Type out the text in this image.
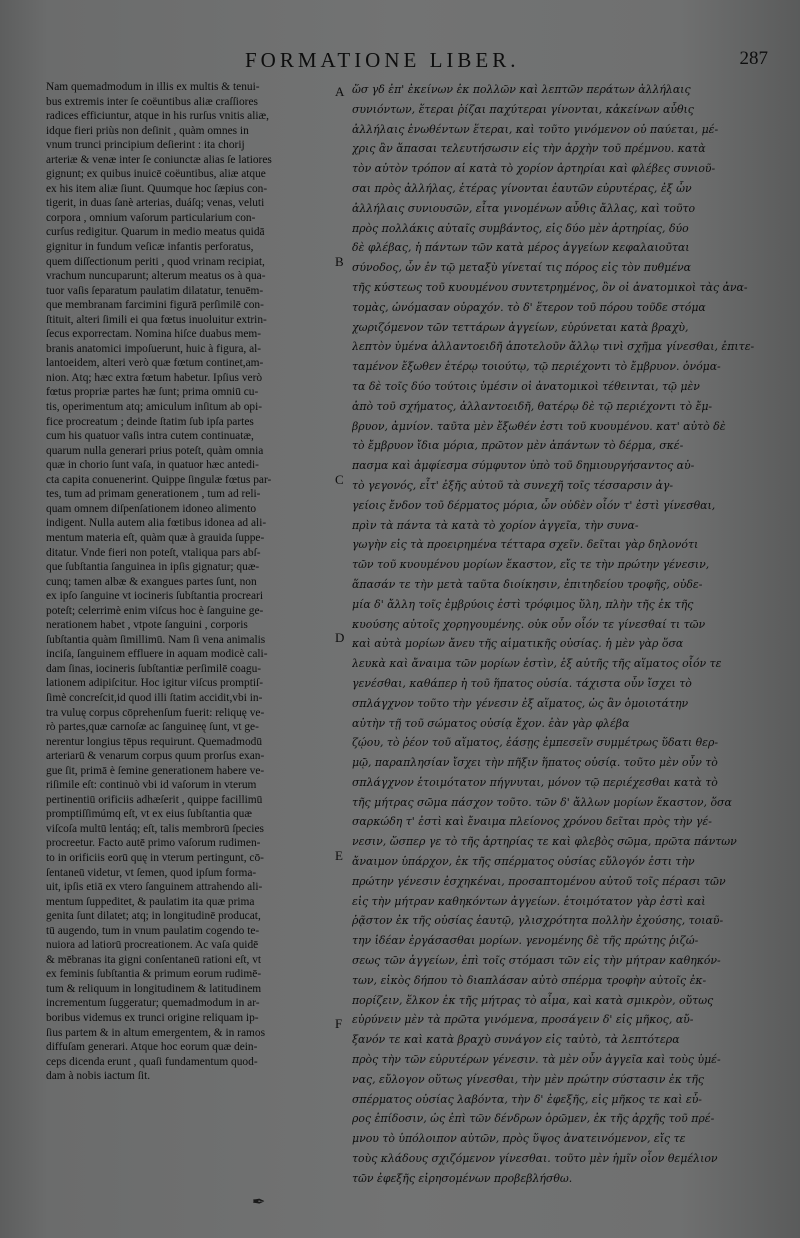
FORMATIONE LIBER.	287
Nam quemadmodum in illis ex multis & tenui-
bus extremis inter ſe coëuntibus aliæ craſſiores
radices efficiuntur, atque in his rurſus vnitis aliæ,
idque fieri priùs non deſinit , quàm omnes in
vnum trunci principium deſierint : ita chorij
arteriæ & venæ inter ſe coniunctæ alias ſe latiores
gignunt; ex quibus inuicē coëuntibus, aliæ atque
ex his item aliæ ſiunt. Quumque hoc ſæpius con-
tigerit, in duas ſanè arterias, duáſq; venas, veluti
corpora , omnium vaſorum particularium con-
curſus redigitur. Quarum in medio meatus quidā
gignitur in fundum veſicæ infantis perforatus,
quem diſſectionum periti , quod vrinam recipiat,
vrachum nuncuparunt; alterum meatus os à qua-
tuor vaſis ſeparatum paulatim dilatatur, tenuēm-
que membranam farcimini figurā perſimilē con-
ſtituit, alteri ſimili ei qua fœtus inuoluitur extrin-
ſecus exporrectam. Nomina hiſce duabus mem-
branis anatomici impoſuerunt, huic à figura, al-
lantoeidem, alteri verò quæ fœtum continet,am-
nion. Atq; hæc extra fœtum habetur. Ipſius verò
fœtus propriæ partes hæ ſunt; prima omniū cu-
tis, operimentum atq; amiculum inſitum ab opi-
fice procreatum ; deinde ſtatim ſub ipſa partes
cum his quatuor vaſis intra cutem continuatæ,
quarum nulla generari prius poteſt, quàm omnia
quæ in chorio ſunt vaſa, in quatuor hæc antedi-
cta capita conuenerint. Quippe ſingulæ fœtus par-
tes, tum ad primam generationem , tum ad reli-
quam omnem diſpenſationem idoneo alimento
indigent. Nulla autem alia fœtibus idonea ad ali-
mentum materia eſt, quàm quæ à grauida ſuppe-
ditatur. Vnde fieri non poteſt, vtaliqua pars abſ-
que ſubſtantia ſanguinea in ipſis gignatur; quæ-
cunq; tamen albæ & exangues partes ſunt, non
ex ipſo ſanguine vt iocineris ſubſtantia procreari
poteſt; celerrimè enim viſcus hoc è ſanguine ge-
nerationem habet , vtpote ſanguini , corporis
ſubſtantia quàm ſimillimū. Nam ſi vena animalis
inciſa, ſanguinem effluere in aquam modicè cali-
dam ſinas, iocineris ſubſtantiæ perſimilē coagu-
lationem adipiſcitur. Hoc igitur viſcus promptiſ-
ſimè concreſcit,id quod illi ſtatim accidit,vbi in-
tra vuluę corpus cōprehenſum fuerit: reliquę ve-
rò partes,quæ carnoſæ ac ſanguineę ſunt, vt ge-
nerentur longius tēpus requirunt. Quemadmodū
arteriarū & venarum corpus quum prorſus exan-
gue ſit, primā è ſemine generationem habere ve-
riſimile eſt: continuò vbi id vaſorum in vterum
pertinentiū orificiis adhæſerit , quippe facillimū
promptiſſimúmq eſt, vt ex eius ſubſtantia quæ
viſcoſa multū lentáq; eſt, talis membrorū ſpecies
procreetur. Facto autē primo vaſorum rudimen-
to in orificiis eorū quę in vterum pertingunt, cō-
ſentaneū videtur, vt ſemen, quod ipſum forma-
uit, ipſis etiā ex vtero ſanguinem attrahendo ali-
mentum ſuppeditet, & paulatim ita quæ prima
genita ſunt dilatet; atq; in longitudinē producat,
tū augendo, tum in vnum paulatim cogendo te-
nuiora ad latiorū procreationem. Ac vaſa quidē
& mēbranas ita gigni conſentaneū rationi eſt, vt
ex feminis ſubſtantia & primum eorum rudimē-
tum & reliquum in longitudinem & latitudinem
incrementum ſuggeratur; quemadmodum in ar-
boribus videmus ex trunci origine reliquam ip-
ſius partem & in altum emergentem, & in ramos
diffuſam generari. Atque hoc eorum quæ dein-
ceps dicenda erunt , quaſi fundamentum quod-
dam à nobis iactum ſit.
A
B
C
D
E
F
ὥσ γδ ἐπ' ἐκείνων ἐκ πολλῶν καὶ λεπτῶν περάτων ἀλλήλαις
συνιόντων, ἕτεραι ῥίζαι παχύτεραι γίνονται, κἀκείνων αὖθις
ἀλλήλαις ἑνωθέντων ἕτεραι, καὶ τοῦτο γινόμενον οὐ παύεται, μέ-
χρις ἂν ἅπασαι τελευτήσωσιν εἰς τὴν ἀρχὴν τοῦ πρέμνου. κατὰ
τὸν αὐτὸν τρόπον αἱ κατὰ τὸ χορίον ἀρτηρίαι καὶ φλέβες συνιοῦ-
σαι πρὸς ἀλλήλας, ἑτέρας γίνονται ἑαυτῶν εὐρυτέρας, ἐξ ὧν
ἀλλήλαις συνιουσῶν, εἶτα γινομένων αὖθις ἄλλας, καὶ τοῦτο
πρὸς πολλάκις αὐταῖς συμβάντος, εἰς δύο μὲν ἀρτηρίας, δύο
δὲ φλέβας, ἡ πάντων τῶν κατὰ μέρος ἀγγείων κεφαλαιοῦται
σύνοδος, ὧν ἐν τῷ μεταξὺ γίνεταί τις πόρος εἰς τὸν πυθμένα
τῆς κύστεως τοῦ κυουμένου συντετρημένος, ὃν οἱ ἀνατομικοὶ τὰς ἀνα-
τομὰς, ὠνόμασαν οὐραχόν. τὸ δ' ἕτερον τοῦ πόρου τοῦδε στόμα
χωριζόμενον τῶν τεττάρων ἀγγείων, εὐρύνεται κατὰ βραχὺ,
λεπτὸν ὑμένα ἀλλαντοειδῆ ἀποτελοῦν ἄλλῳ τινὶ σχῆμα γίνεσθαι, ἐπιτε-
ταμένον ἔξωθεν ἑτέρῳ τοιούτῳ, τῷ περιέχοντι τὸ ἔμβρυον. ὀνόμα-
τα δὲ τοῖς δύο τούτοις ὑμέσιν οἱ ἀνατομικοὶ τέθεινται, τῷ μὲν
ἀπὸ τοῦ σχήματος, ἀλλαντοειδῆ, θατέρῳ δὲ τῷ περιέχοντι τὸ ἔμ-
βρυον, ἀμνίον. ταῦτα μὲν ἔξωθέν ἐστι τοῦ κυουμένου. κατ' αὐτὸ δὲ
τὸ ἔμβρυον ἴδια μόρια, πρῶτον μὲν ἁπάντων τὸ δέρμα, σκέ-
πασμα καὶ ἀμφίεσμα σύμφυτον ὑπὸ τοῦ δημιουργήσαντος αὐ-
τὸ γεγονός, εἶτ' ἐξῆς αὐτοῦ τὰ συνεχῆ τοῖς τέσσαρσιν ἀγ-
γείοις ἔνδον τοῦ δέρματος μόρια, ὧν οὐδὲν οἷόν τ' ἐστὶ γίνεσθαι,
πρὶν τὰ πάντα τὰ κατὰ τὸ χορίον ἀγγεῖα, τὴν συνα-
γωγὴν εἰς τὰ προειρημένα τέτταρα σχεῖν. δεῖται γὰρ δηλονότι
τῶν τοῦ κυουμένου μορίων ἕκαστον, εἴς τε τὴν πρώτην γένεσιν,
ἅπασάν τε τὴν μετὰ ταῦτα διοίκησιν, ἐπιτηδείου τροφῆς, οὐδε-
μία δ' ἄλλη τοῖς ἐμβρύοις ἐστὶ τρόφιμος ὕλη, πλὴν τῆς ἐκ τῆς
κυούσης αὐτοῖς χορηγουμένης. οὐκ οὖν οἷόν τε γίνεσθαί τι τῶν
καὶ αὐτὰ μορίων ἄνευ τῆς αἱματικῆς οὐσίας. ἡ μὲν γὰρ ὅσα
λευκὰ καὶ ἄναιμα τῶν μορίων ἐστὶν, ἐξ αὐτῆς τῆς αἵματος οἷόν τε
γενέσθαι, καθάπερ ἡ τοῦ ἥπατος οὐσία. τάχιστα οὖν ἴσχει τὸ
σπλάγχνον τοῦτο τὴν γένεσιν ἐξ αἵματος, ὡς ἂν ὁμοιοτάτην
αὐτὴν τῇ τοῦ σώματος οὐσίᾳ ἔχον. ἐὰν γὰρ φλέβα
ζῴου, τὸ ῥέον τοῦ αἵματος, ἐάσῃς ἐμπεσεῖν συμμέτρως ὕδατι θερ-
μῷ, παραπλησίαν ἴσχει τὴν πῆξιν ἥπατος οὐσίᾳ. τοῦτο μὲν οὖν τὸ
σπλάγχνον ἑτοιμότατον πήγνυται, μόνον τῷ περιέχεσθαι κατὰ τὸ
τῆς μήτρας σῶμα πάσχον τοῦτο. τῶν δ' ἄλλων μορίων ἕκαστον, ὅσα
σαρκώδη τ' ἐστὶ καὶ ἔναιμα πλείονος χρόνου δεῖται πρὸς τὴν γέ-
νεσιν, ὥσπερ γε τὸ τῆς ἀρτηρίας τε καὶ φλεβὸς σῶμα, πρῶτα πάντων
ἄναιμον ὑπάρχον, ἐκ τῆς σπέρματος οὐσίας εὔλογόν ἐστι τὴν
πρώτην γένεσιν ἐσχηκέναι, προσαπτομένου αὐτοῦ τοῖς πέρασι τῶν
εἰς τὴν μήτραν καθηκόντων ἀγγείων. ἑτοιμότατον γὰρ ἐστὶ καὶ
ῥᾷστον ἐκ τῆς οὐσίας ἑαυτῷ, γλισχρότητα πολλὴν ἐχούσης, τοιαῦ-
την ἰδέαν ἐργάσασθαι μορίων. γενομένης δὲ τῆς πρώτης ῥιζώ-
σεως τῶν ἀγγείων, ἐπὶ τοῖς στόμασι τῶν εἰς τὴν μήτραν καθηκόν-
των, εἰκὸς δήπου τὸ διαπλάσαν αὐτὸ σπέρμα τροφὴν αὐτοῖς ἐκ-
πορίζειν, ἕλκον ἐκ τῆς μήτρας τὸ αἷμα, καὶ κατὰ σμικρὸν, οὕτως
εὐρύνειν μὲν τὰ πρῶτα γινόμενα, προσάγειν δ' εἰς μῆκος, αὔ-
ξανόν τε καὶ κατὰ βραχὺ συνάγον εἰς ταὐτὸ, τὰ λεπτότερα
πρὸς τὴν τῶν εὐρυτέρων γένεσιν. τὰ μὲν οὖν ἀγγεῖα καὶ τοὺς ὑμέ-
νας, εὔλογον οὕτως γίνεσθαι, τὴν μὲν πρώτην σύστασιν ἐκ τῆς
σπέρματος οὐσίας λαβόντα, τὴν δ' ἐφεξῆς, εἰς μῆκος τε καὶ εὖ-
ρος ἐπίδοσιν, ὡς ἐπὶ τῶν δένδρων ὁρῶμεν, ἐκ τῆς ἀρχῆς τοῦ πρέ-
μνου τὸ ὑπόλοιπον αὐτῶν, πρὸς ὕψος ἀνατεινόμενον, εἴς τε
τοὺς κλάδους σχιζόμενον γίνεσθαι. τοῦτο μὲν ἡμῖν οἷον θεμέλιον
τῶν ἐφεξῆς εἰρησομένων προβεβλήσθω.
✒
